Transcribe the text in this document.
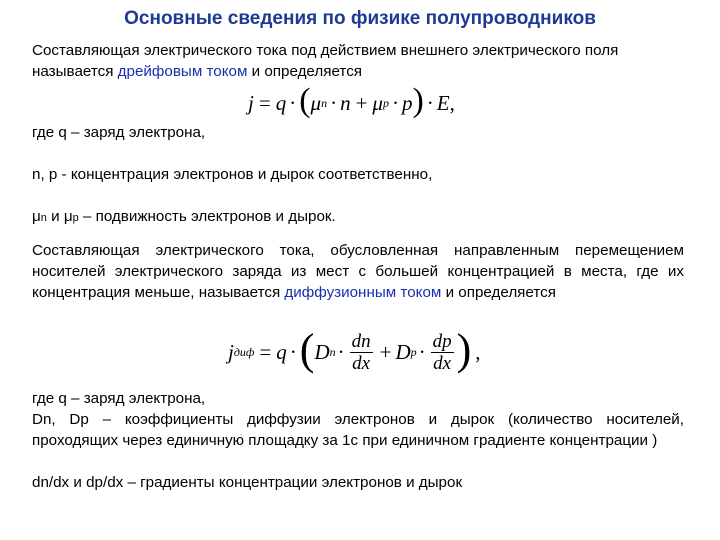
Основные сведения по физике полупроводников

Составляющая электрического тока под действием внешнего электрического поля называется дрейфовым током и определяется

j = q · ( μ n · n + μ p · p ) · E ,

где q – заряд электрона,

n, p - концентрация электронов и дырок соответственно,

μn и μp – подвижность электронов и дырок.

Составляющая электрического тока, обусловленная направленным перемещением носителей электрического заряда из мест с большей концентрацией в места, где их концентрация меньше, называется диффузионным током и определяется

j диф = q · ( D $n \cdot \frac{dn}{dx} + D$ $p \cdot \frac{dp}{dx}$ ) ,

где q – заряд электрона,

Dn, Dp – коэффициенты диффузии электронов и дырок (количество носителей, проходящих через единичную площадку за 1с при единичном градиенте концентрации )

dn/dx и dp/dx – градиенты концентрации электронов и дырок
